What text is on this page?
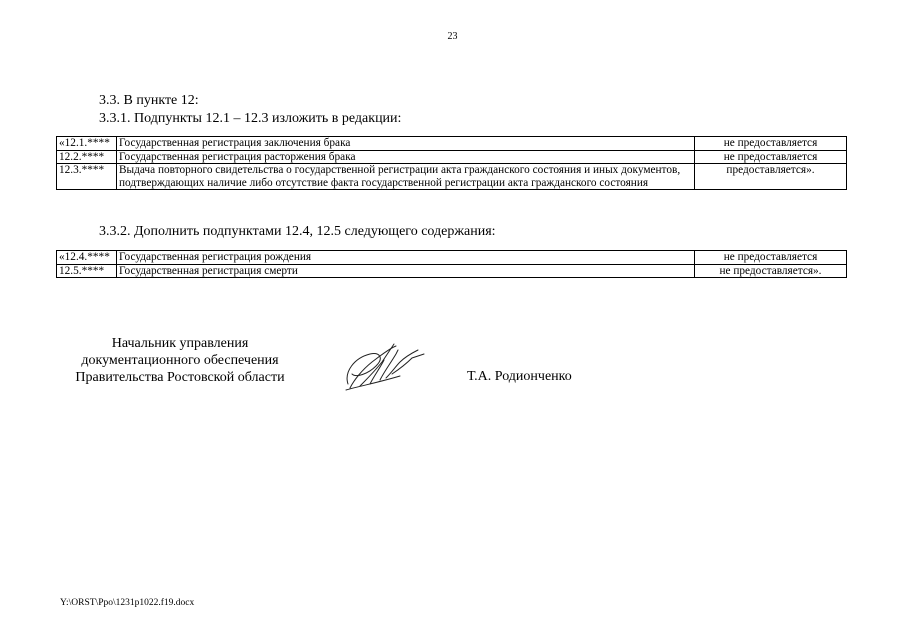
23
3.3. В пункте 12:
3.3.1. Подпункты 12.1 – 12.3 изложить в редакции:
«12.1.****	Государственная регистрация заключения брака	не предоставляется
12.2.****	Государственная регистрация расторжения брака	не предоставляется
12.3.****	Выдача повторного свидетельства о государственной регистрации акта гражданского состояния и иных документов, подтверждающих наличие либо отсутствие факта государственной регистрации акта гражданского состояния	предоставляется».
3.3.2. Дополнить подпунктами 12.4, 12.5 следующего содержания:
«12.4.****	Государственная регистрация рождения	не предоставляется
12.5.****	Государственная регистрация смерти	не предоставляется».
Начальник управления
документационного обеспечения
Правительства Ростовской области	Т.А. Родионченко
Y:\ORST\Ppo\1231p1022.f19.docx
